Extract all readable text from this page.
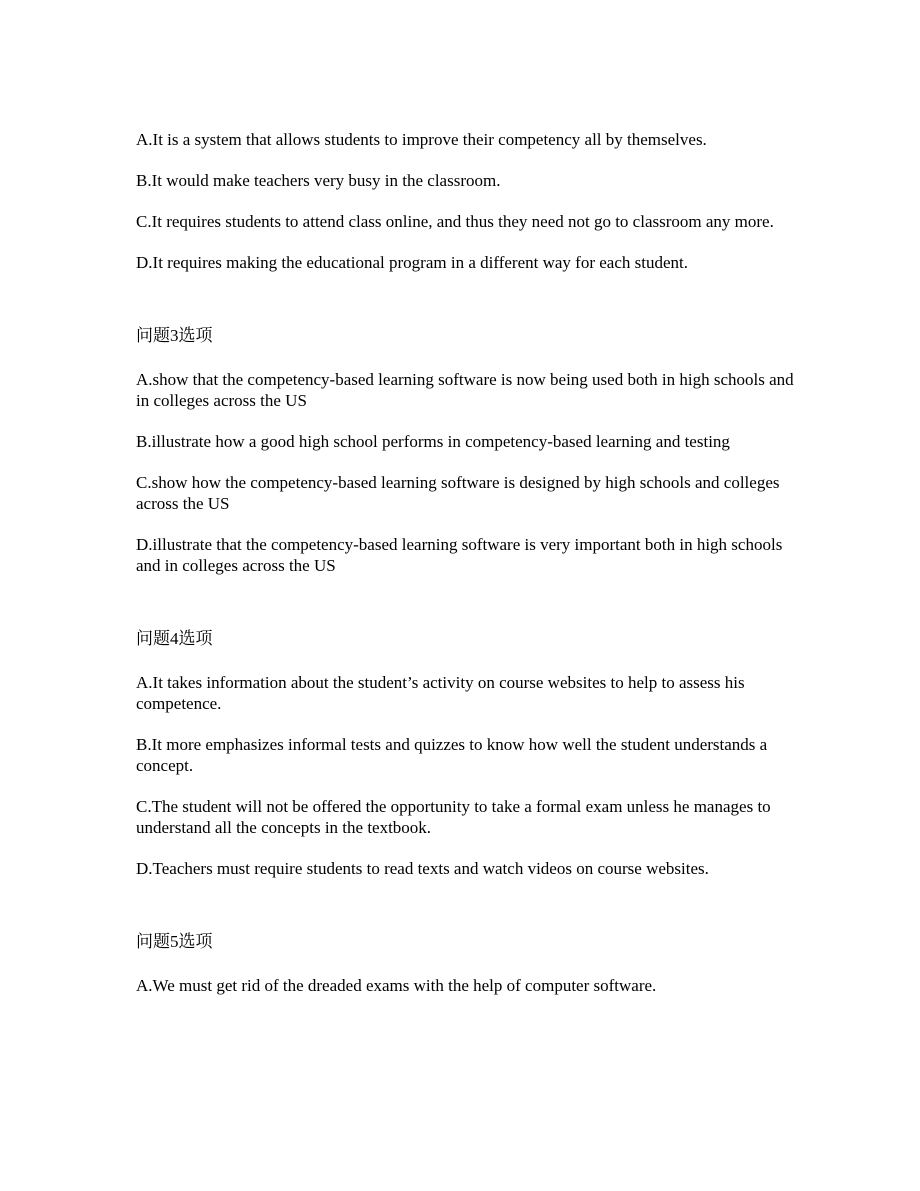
A.It is a system that allows students to improve their competency all by themselves.

B.It would make teachers very busy in the classroom.

C.It requires students to attend class online, and thus they need not go to classroom any more.

D.It requires making the educational program in a different way for each student.

问题3选项

A.show that the competency-based learning software is now being used both in high schools and in colleges across the US

B.illustrate how a good high school performs in competency-based learning and testing

C.show how the competency-based learning software is designed by high schools and colleges across the US

D.illustrate that the competency-based learning software is very important both in high schools and in colleges across the US

问题4选项

A.It takes information about the student’s activity on course websites to help to assess his competence.

B.It more emphasizes informal tests and quizzes to know how well the student understands a concept.

C.The student will not be offered the opportunity to take a formal exam unless he manages to understand all the concepts in the textbook.

D.Teachers must require students to read texts and watch videos on course websites.

问题5选项

A.We must get rid of the dreaded exams with the help of computer software.
